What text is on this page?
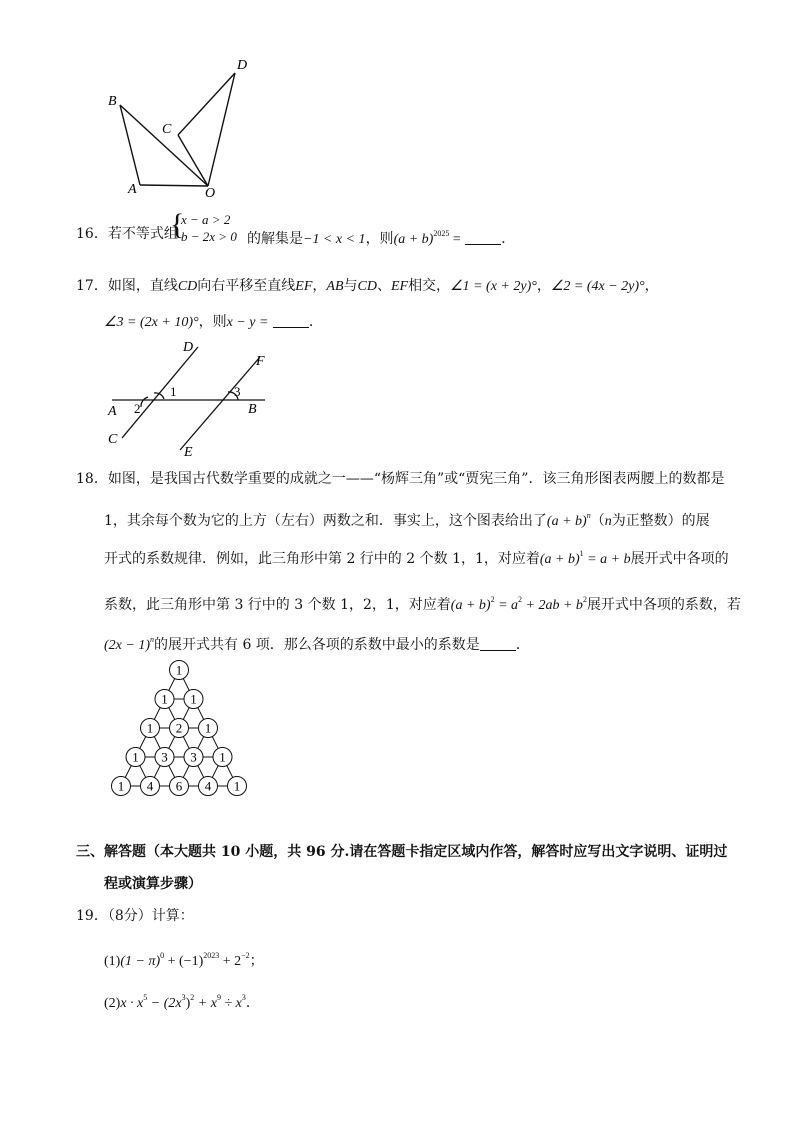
D
B
C
A	O
16．若不等式组
{
x − a > 2
b − 2x > 0 的解集是−1 < x < 1，则$(a + b)^{2025}$ =	．
17．如图，直线CD向右平移至直线EF，AB与CD、EF相交，∠1 = (x + 2y)°，∠2 = (4x − 2y)°，
∠3 = (2x + 10)°，则x − y =	．
D
F
1	3
A 2	B
C
E
18．如图，是我国古代数学重要的成就之一——“杨辉三角”或“贾宪三角”．该三角形图表两腰上的数都是
1，其余每个数为它的上方（左右）两数之和．事实上，这个图表给出了$(a + b)^n(n$为正整数）的展
开式的系数规律．例如，此三角形中第 2 行中的 2 个数 1，1，对应着$(a + b)^1 = a + b$展开式中各项的
系数，此三角形中第 3 行中的 3 个数 1，2，1，对应着$(a + b)^2 = a^2 + 2ab + b^2$展开式中各项的系数，若
$(2x - 1)^n$的展开式共有 6 项．那么各项的系数中最小的系数是	．
1
1 1
1 2 1
1 3 3 1
1 4 6 4 1
三、解答题（本大题共 10 小题，共 96 分.请在答题卡指定区域内作答，解答时应写出文字说明、证明过
程或演算步骤）
19．（8分）计算：
$(1)(1 - \pi)^0 + (-1)^{2023} + 2^{-2}$；
$(2)x \cdot x^5 - (2x^3)^2 + x^9 \div x^3$．
